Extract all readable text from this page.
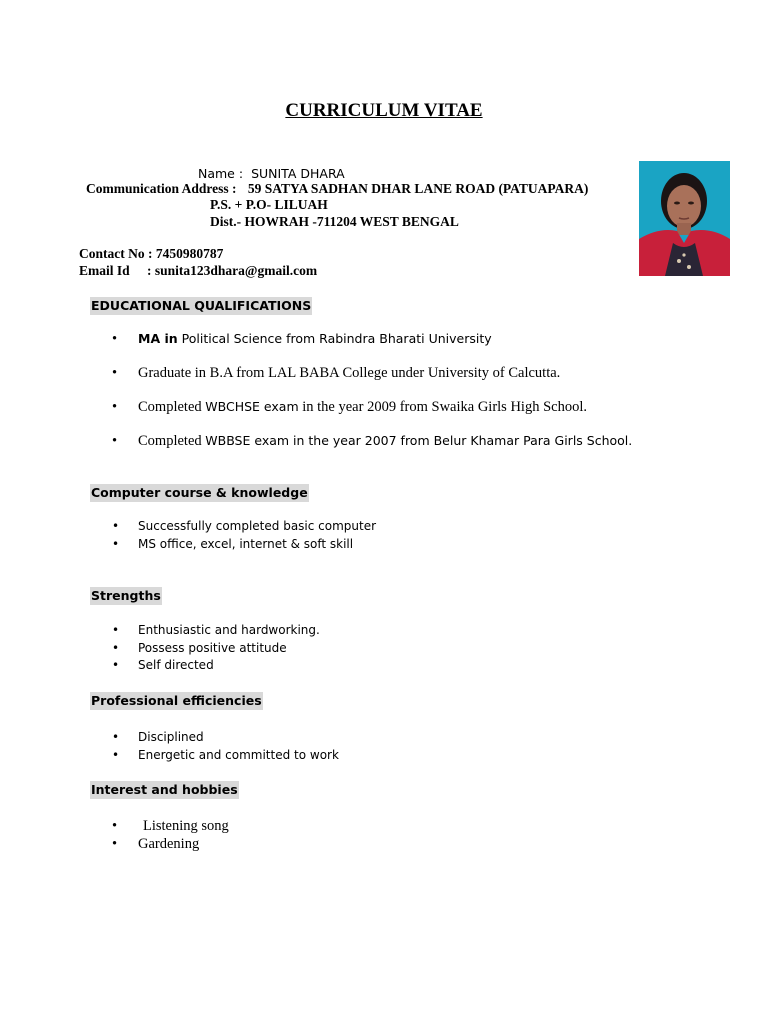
CURRICULUM VITAE
Name : SUNITA DHARA
Communication Address : 59 SATYA SADHAN DHAR LANE ROAD (PATUAPARA)
P.S. + P.O- LILUAH
Dist.- HOWRAH -711204 WEST BENGAL
Contact No : 7450980787
Email Id : sunita123dhara@gmail.com
EDUCATIONAL QUALIFICATIONS
• MA in Political Science from Rabindra Bharati University
• Graduate in B.A from LAL BABA College under University of Calcutta.
• Completed WBCHSE exam in the year 2009 from Swaika Girls High School.
• Completed WBBSE exam in the year 2007 from Belur Khamar Para Girls School.
Computer course & knowledge
• Successfully completed basic computer
• MS office, excel, internet & soft skill
Strengths
• Enthusiastic and hardworking.
• Possess positive attitude
• Self directed
Professional efficiencies
• Disciplined
• Energetic and committed to work
Interest and hobbies
• Listening song
• Gardening
